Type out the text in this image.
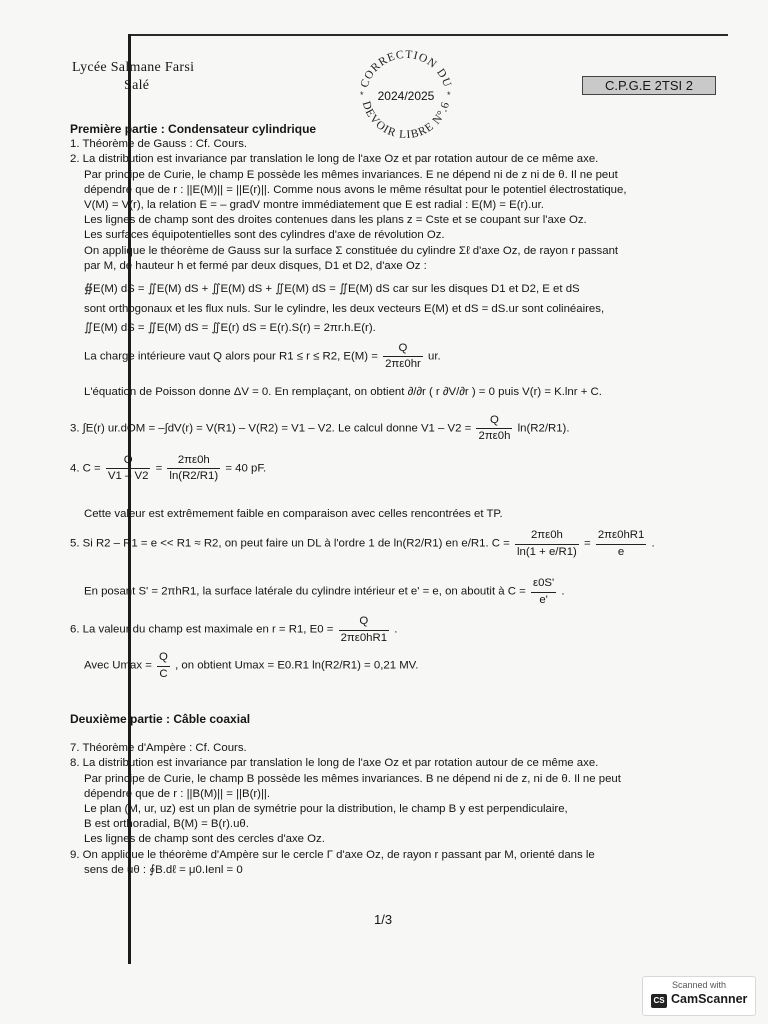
Lycée Salmane Farsi
Salé	CORRECTION DU
DEVOIR LIBRE N°.6
*	*
2024/2025
C.P.G.E 2TSI 2

Première partie : Condensateur cylindrique

1. Théorème de Gauss : Cf. Cours.

2. La distribution est invariance par translation le long de l'axe Oz et par rotation autour de ce même axe.

Par principe de Curie, le champ E possède les mêmes invariances. E ne dépend ni de z ni de θ. Il ne peut

dépendre que de r : ||E(M)|| = ||E(r)||. Comme nous avons le même résultat pour le potentiel électrostatique,

V(M) = V(r), la relation E = – gradV montre immédiatement que E est radial : E(M) = E(r).ur.

Les lignes de champ sont des droites contenues dans les plans z = Cste et se coupant sur l'axe Oz.

Les surfaces équipotentielles sont des cylindres d'axe de révolution Oz.

On applique le théorème de Gauss sur la surface Σ constituée du cylindre Σℓ d'axe Oz, de rayon r passant

par M, de hauteur h et fermé par deux disques, D1 et D2, d'axe Oz :

∯E(M) dS = ∬E(M) dS + ∬E(M) dS + ∬E(M) dS = ∬E(M) dS car sur les disques D1 et D2, E et dS

sont orthogonaux et les flux nuls. Sur le cylindre, les deux vecteurs E(M) et dS = dS.ur sont colinéaires,

∬E(M) dS = ∬E(M) dS = ∬E(r) dS = E(r).S(r) = 2πr.h.E(r).

La charge intérieure vaut Q alors pour R1 ≤ r ≤ R2, $E(M) = \frac{Q}{2\pi\varepsilon 0hr}$ ur.

L'équation de Poisson donne ΔV = 0. En remplaçant, on obtient ∂/∂r ( r ∂V/∂r ) = 0 puis V(r) = K.lnr + C.

3. ∫E(r) ur.dOM = –∫dV(r) = V(R1) – V(R2) = V1 – V2. Le calcul donne $V1 - V2 = \frac{Q}{2\pi\varepsilon 0h} \ln(R2/R1)$.

4. $C = \frac{Q}{V1 - V2} = \frac{2\pi\varepsilon 0h}{\ln(R2/R1)} = 40$ pF.

Cette valeur est extrêmement faible en comparaison avec celles rencontrées et TP.

5. Si R2 – R1 = e << R1 ≈ R2, on peut faire un DL à l'ordre 1 de ln(R2/R1) en e/R1. $C = \frac{2\pi\varepsilon 0h}{\ln(1 + e/R1)} = \frac{2\pi\varepsilon 0hR1}{e}$ .

En posant S' = 2πhR1, la surface latérale du cylindre intérieur et e' = e, on aboutit à $C = \frac{\varepsilon 0S'}{e'}$ .

6. La valeur du champ est maximale en r = R1, $E0 = \frac{Q}{2\pi\varepsilon 0hR1}$ .

Avec $Umax = \frac{Q}{C}$ , on obtient Umax = E0.R1 ln(R2/R1) = 0,21 MV.

Deuxième partie : Câble coaxial

7. Théorème d'Ampère : Cf. Cours.

8. La distribution est invariance par translation le long de l'axe Oz et par rotation autour de ce même axe.

Par principe de Curie, le champ B possède les mêmes invariances. B ne dépend ni de z, ni de θ. Il ne peut

dépendre que de r : ||B(M)|| = ||B(r)||.

Le plan (M, ur, uz) est un plan de symétrie pour la distribution, le champ B y est perpendiculaire,

B est orthoradial, B(M) = B(r).uθ.

Les lignes de champ sont des cercles d'axe Oz.

9. On applique le théorème d'Ampère sur le cercle Γ d'axe Oz, de rayon r passant par M, orienté dans le

sens de uθ : ∮B.dℓ = μ0.Ienl = 0

1/3
Scanned with
CS CamScanner
